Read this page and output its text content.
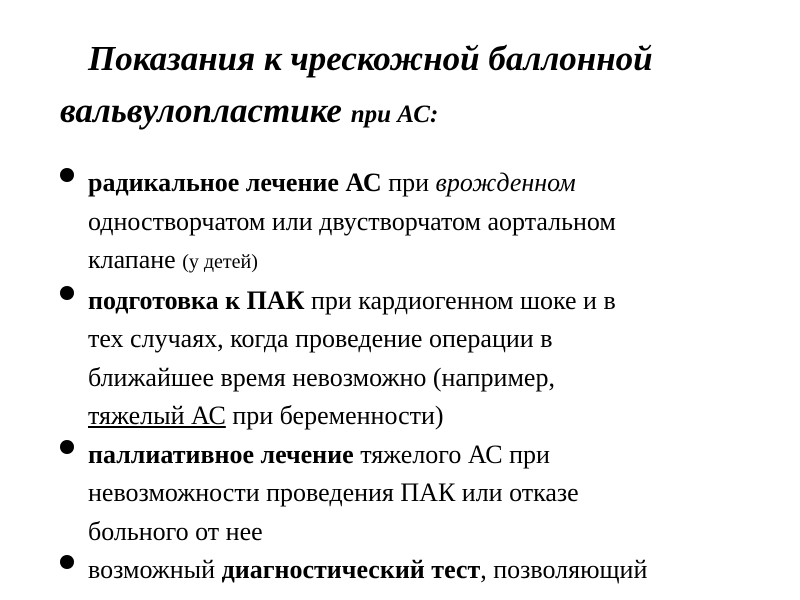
Показания к чрескожной баллонной
вальвулопластике при АС:
радикальное лечение АС при врожденном
одностворчатом или двустворчатом аортальном
клапане (у детей)
подготовка к ПАК при кардиогенном шоке и в
тех случаях, когда проведение операции в
ближайшее время невозможно (например,
тяжелый АС при беременности)
паллиативное лечение тяжелого АС при
невозможности проведения ПАК или отказе
больного от нее
возможный диагностический тест, позволяющий
